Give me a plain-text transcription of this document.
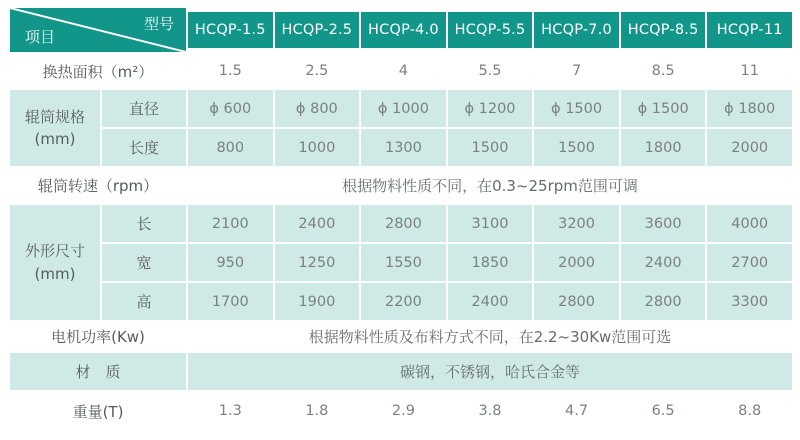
型号
项目	HCQP-1.5	HCQP-2.5	HCQP-4.0	HCQP-5.5	HCQP-7.0	HCQP-8.5	HCQP-11
换热面积（m²）	1.5	2.5	4	5.5	7	8.5	11
辊筒规格
(mm)
直径	ϕ 600	ϕ 800	ϕ 1000	ϕ 1200	ϕ 1500	ϕ 1500	ϕ 1800
长度	800	1000	1300	1500	1500	1800	2000
辊筒转速（rpm）	根据物料性质不同，在0.3~25rpm范围可调
外形尺寸
(mm)
长	2100	2400	2800	3100	3200	3600	4000
宽	950	1250	1550	1850	2000	2400	2700
高	1700	1900	2200	2400	2800	2800	3300
电机功率(Kw)	根据物料性质及布料方式不同，在2.2~30Kw范围可选
材　质	碳钢，不锈钢，哈氏合金等
重量(T)	1.3	1.8	2.9	3.8	4.7	6.5	8.8
